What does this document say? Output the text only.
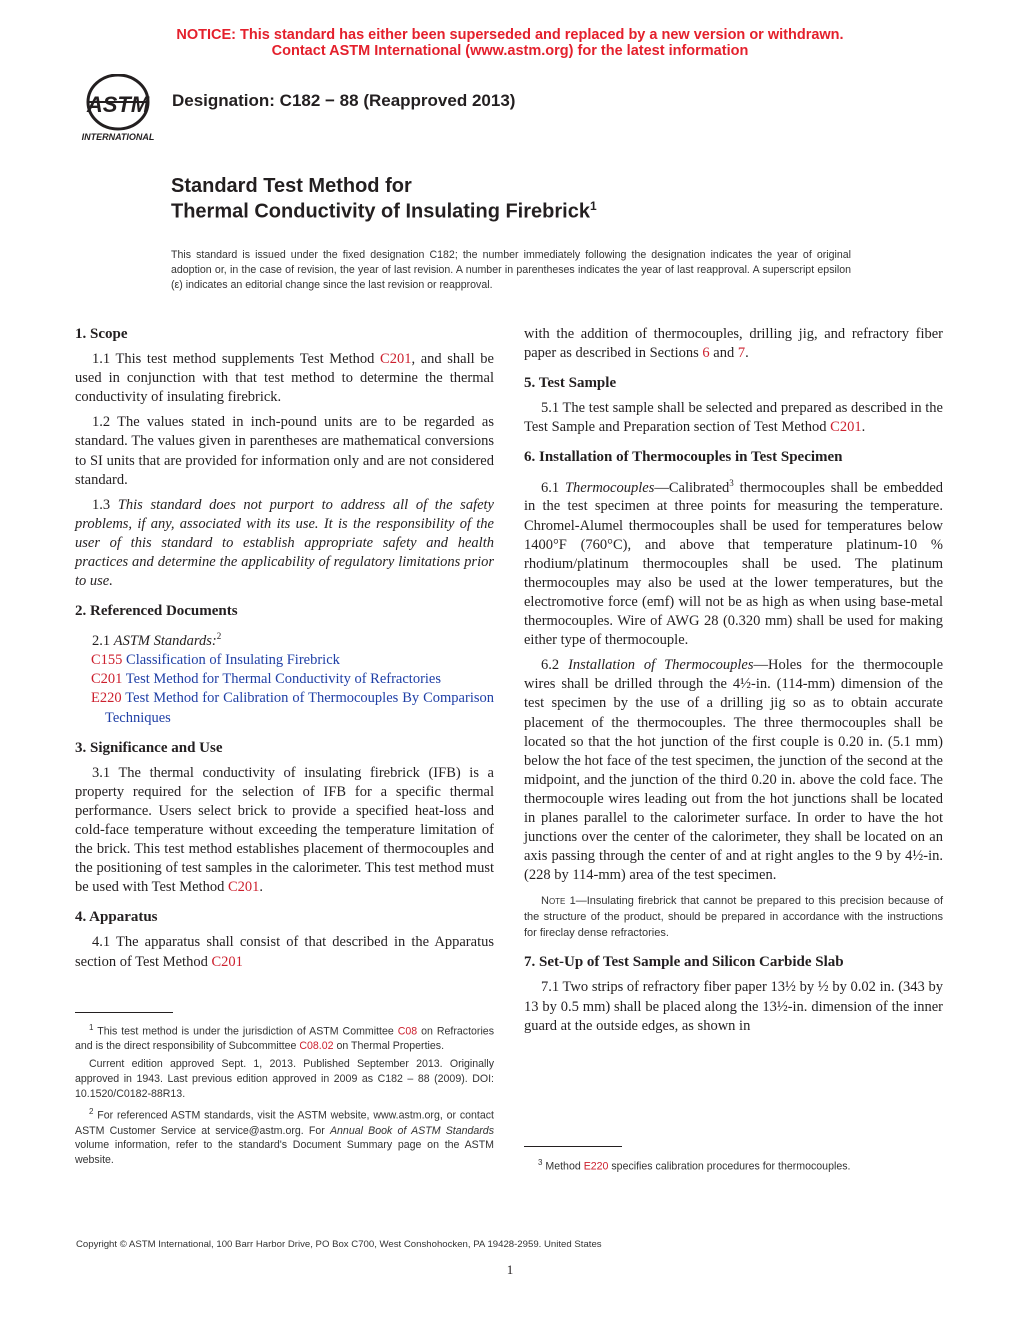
NOTICE: This standard has either been superseded and replaced by a new version or withdrawn.
Contact ASTM International (www.astm.org) for the latest information
ASTM
INTERNATIONAL
Designation: C182 − 88 (Reapproved 2013)
Standard Test Method for
Thermal Conductivity of Insulating Firebrick$^1$
This standard is issued under the fixed designation C182; the number immediately following the designation indicates the year of original adoption or, in the case of revision, the year of last revision. A number in parentheses indicates the year of last reapproval. A superscript epsilon (ε) indicates an editorial change since the last revision or reapproval.
1. Scope

1.1 This test method supplements Test Method C201, and shall be used in conjunction with that test method to determine the thermal conductivity of insulating firebrick.

1.2 The values stated in inch-pound units are to be regarded as standard. The values given in parentheses are mathematical conversions to SI units that are provided for information only and are not considered standard.

1.3 This standard does not purport to address all of the safety problems, if any, associated with its use. It is the responsibility of the user of this standard to establish appropriate safety and health practices and determine the applicability of regulatory limitations prior to use.

2. Referenced Documents

2.1 ASTM Standards:$^2$

C155 Classification of Insulating Firebrick
C201 Test Method for Thermal Conductivity of Refractories
E220 Test Method for Calibration of Thermocouples By Comparison Techniques
3. Significance and Use

3.1 The thermal conductivity of insulating firebrick (IFB) is a property required for the selection of IFB for a specific thermal performance. Users select brick to provide a specified heat-loss and cold-face temperature without exceeding the temperature limitation of the brick. This test method establishes placement of thermocouples and the positioning of test samples in the calorimeter. This test method must be used with Test Method C201.

4. Apparatus

4.1 The apparatus shall consist of that described in the Apparatus section of Test Method C201

$^1$ This test method is under the jurisdiction of ASTM Committee C08 on Refractories and is the direct responsibility of Subcommittee C08.02 on Thermal Properties.

Current edition approved Sept. 1, 2013. Published September 2013. Originally approved in 1943. Last previous edition approved in 2009 as C182 – 88 (2009). DOI: 10.1520/C0182-88R13.

$^2$ For referenced ASTM standards, visit the ASTM website, www.astm.org, or contact ASTM Customer Service at service@astm.org. For Annual Book of ASTM Standards volume information, refer to the standard's Document Summary page on the ASTM website.

with the addition of thermocouples, drilling jig, and refractory fiber paper as described in Sections 6 and 7.

5. Test Sample

5.1 The test sample shall be selected and prepared as described in the Test Sample and Preparation section of Test Method C201.

6. Installation of Thermocouples in Test Specimen

6.1 Thermocouples—Calibrated$^3$ thermocouples shall be embedded in the test specimen at three points for measuring the temperature. Chromel-Alumel thermocouples shall be used for temperatures below 1400°F (760°C), and above that temperature platinum-10 % rhodium/platinum thermocouples shall be used. The platinum thermocouples may also be used at the lower temperatures, but the electromotive force (emf) will not be as high as when using base-metal thermocouples. Wire of AWG 28 (0.320 mm) shall be used for making either type of thermocouple.

6.2 Installation of Thermocouples—Holes for the thermocouple wires shall be drilled through the 4½-in. (114-mm) dimension of the test specimen by the use of a drilling jig so as to obtain accurate placement of the thermocouples. The three thermocouples shall be located so that the hot junction of the first couple is 0.20 in. (5.1 mm) below the hot face of the test specimen, the junction of the second at the midpoint, and the junction of the third 0.20 in. above the cold face. The thermocouple wires leading out from the hot junctions shall be located in planes parallel to the calorimeter surface. In order to have the hot junctions over the center of the calorimeter, they shall be located on an axis passing through the center of and at right angles to the 9 by 4½-in. (228 by 114-mm) area of the test specimen.

Note 1—Insulating firebrick that cannot be prepared to this precision because of the structure of the product, should be prepared in accordance with the instructions for fireclay dense refractories.

7. Set-Up of Test Sample and Silicon Carbide Slab

7.1 Two strips of refractory fiber paper 13½ by ½ by 0.02 in. (343 by 13 by 0.5 mm) shall be placed along the 13½-in. dimension of the inner guard at the outside edges, as shown in

$^3$ Method E220 specifies calibration procedures for thermocouples.

Copyright © ASTM International, 100 Barr Harbor Drive, PO Box C700, West Conshohocken, PA 19428-2959. United States
1
